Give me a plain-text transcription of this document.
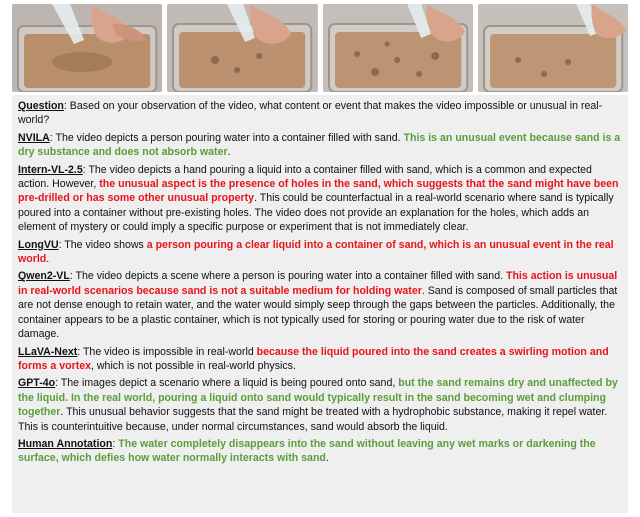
Question: Based on your observation of the video, what content or event that makes the video impossible or unusual in real-world?

NVILA: The video depicts a person pouring water into a container filled with sand. This is an unusual event because sand is a dry substance and does not absorb water.

Intern-VL-2.5: The video depicts a hand pouring a liquid into a container filled with sand, which is a common and expected action. However, the unusual aspect is the presence of holes in the sand, which suggests that the sand might have been pre-drilled or has some other unusual property. This could be counterfactual in a real-world scenario where sand is typically poured into a container without pre-existing holes. The video does not provide an explanation for the holes, which adds an element of mystery or could imply a specific purpose or experiment that is not immediately clear.

LongVU: The video shows a person pouring a clear liquid into a container of sand, which is an unusual event in the real world.

Qwen2-VL: The video depicts a scene where a person is pouring water into a container filled with sand. This action is unusual in real-world scenarios because sand is not a suitable medium for holding water. Sand is composed of small particles that are not dense enough to retain water, and the water would simply seep through the gaps between the particles. Additionally, the container appears to be a plastic container, which is not typically used for storing or pouring water due to the risk of water damage.

LLaVA-Next: The video is impossible in real-world because the liquid poured into the sand creates a swirling motion and forms a vortex, which is not possible in real-world physics.

GPT-4o: The images depict a scenario where a liquid is being poured onto sand, but the sand remains dry and unaffected by the liquid. In the real world, pouring a liquid onto sand would typically result in the sand becoming wet and clumping together. This unusual behavior suggests that the sand might be treated with a hydrophobic substance, making it repel water. This is counterintuitive because, under normal circumstances, sand would absorb the liquid.

Human Annotation: The water completely disappears into the sand without leaving any wet marks or darkening the surface, which defies how water normally interacts with sand.
